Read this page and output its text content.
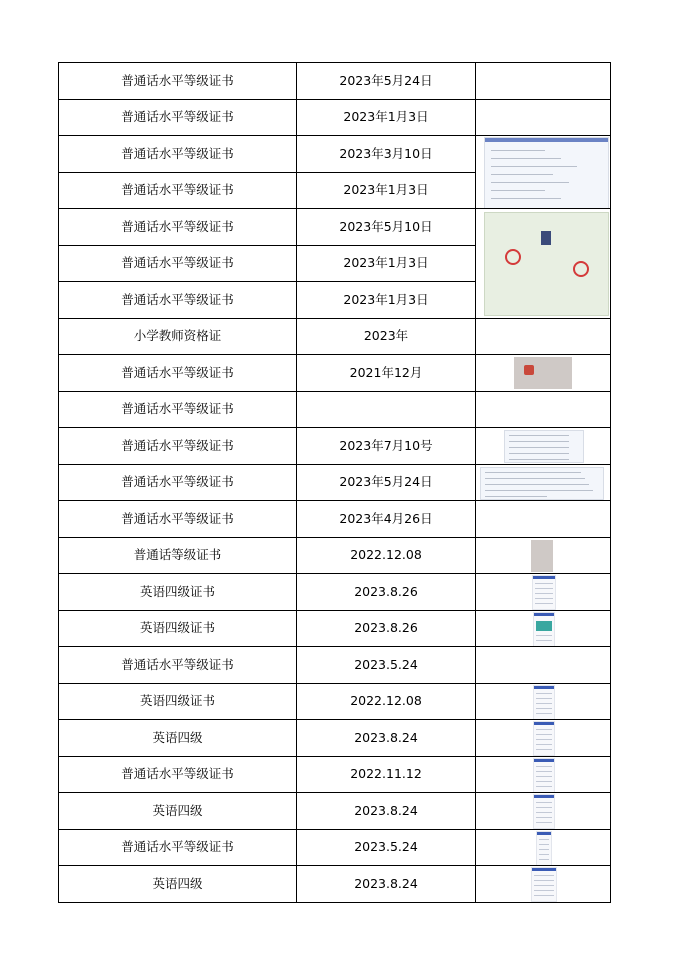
普通话水平等级证书	2023年5月24日	
普通话水平等级证书	2023年1月3日	
普通话水平等级证书	2023年3月10日	

普通话水平等级证书	2023年1月3日	
普通话水平等级证书	2023年5月10日	

普通话水平等级证书	2023年1月3日	
普通话水平等级证书	2023年1月3日	
小学教师资格证	2023年	
普通话水平等级证书	2021年12月	

普通话水平等级证书		
普通话水平等级证书	2023年7月10号	

普通话水平等级证书	2023年5月24日	

普通话水平等级证书	2023年4月26日	
普通话等级证书	2022.12.08	

英语四级证书	2023.8.26	

英语四级证书	2023.8.26	

普通话水平等级证书	2023.5.24	
英语四级证书	2022.12.08	

英语四级	2023.8.24	

普通话水平等级证书	2022.11.12	

英语四级	2023.8.24	

普通话水平等级证书	2023.5.24	

英语四级	2023.8.24	
